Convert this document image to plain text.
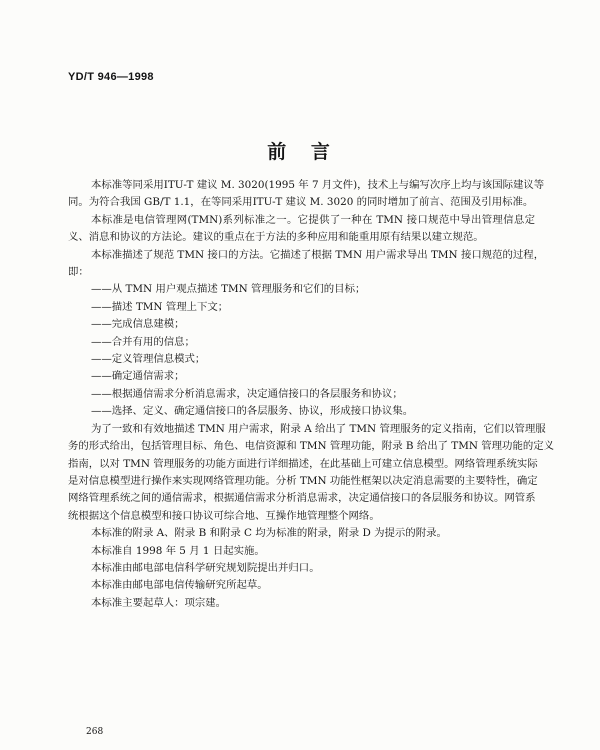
YD/T 946—1998
前　言
本标准等同采用ITU-T 建议 M. 3020(1995 年 7 月文件)，技术上与编写次序上均与该国际建议等
同。为符合我国 GB/T 1.1，在等同采用ITU-T 建议 M. 3020 的同时增加了前言、范围及引用标准。
本标准是电信管理网(TMN)系列标准之一。它提供了一种在 TMN 接口规范中导出管理信息定
义、消息和协议的方法论。建议的重点在于方法的多种应用和能重用原有结果以建立规范。
本标准描述了规范 TMN 接口的方法。它描述了根据 TMN 用户需求导出 TMN 接口规范的过程，
即：
——从 TMN 用户观点描述 TMN 管理服务和它们的目标；
——描述 TMN 管理上下文；
——完成信息建模；
——合并有用的信息；
——定义管理信息模式；
——确定通信需求；
——根据通信需求分析消息需求，决定通信接口的各层服务和协议；
——选择、定义、确定通信接口的各层服务、协议，形成接口协议集。
为了一致和有效地描述 TMN 用户需求，附录 A 给出了 TMN 管理服务的定义指南，它们以管理服
务的形式给出，包括管理目标、角色、电信资源和 TMN 管理功能，附录 B 给出了 TMN 管理功能的定义
指南，以对 TMN 管理服务的功能方面进行详细描述，在此基础上可建立信息模型。网络管理系统实际
是对信息模型进行操作来实现网络管理功能。分析 TMN 功能性框架以决定消息需要的主要特性，确定
网络管理系统之间的通信需求，根据通信需求分析消息需求，决定通信接口的各层服务和协议。网管系
统根据这个信息模型和接口协议可综合地、互操作地管理整个网络。
本标准的附录 A、附录 B 和附录 C 均为标准的附录，附录 D 为提示的附录。
本标准自 1998 年 5 月 1 日起实施。
本标准由邮电部电信科学研究规划院提出并归口。
本标准由邮电部电信传输研究所起草。
本标准主要起草人：项宗建。
268
